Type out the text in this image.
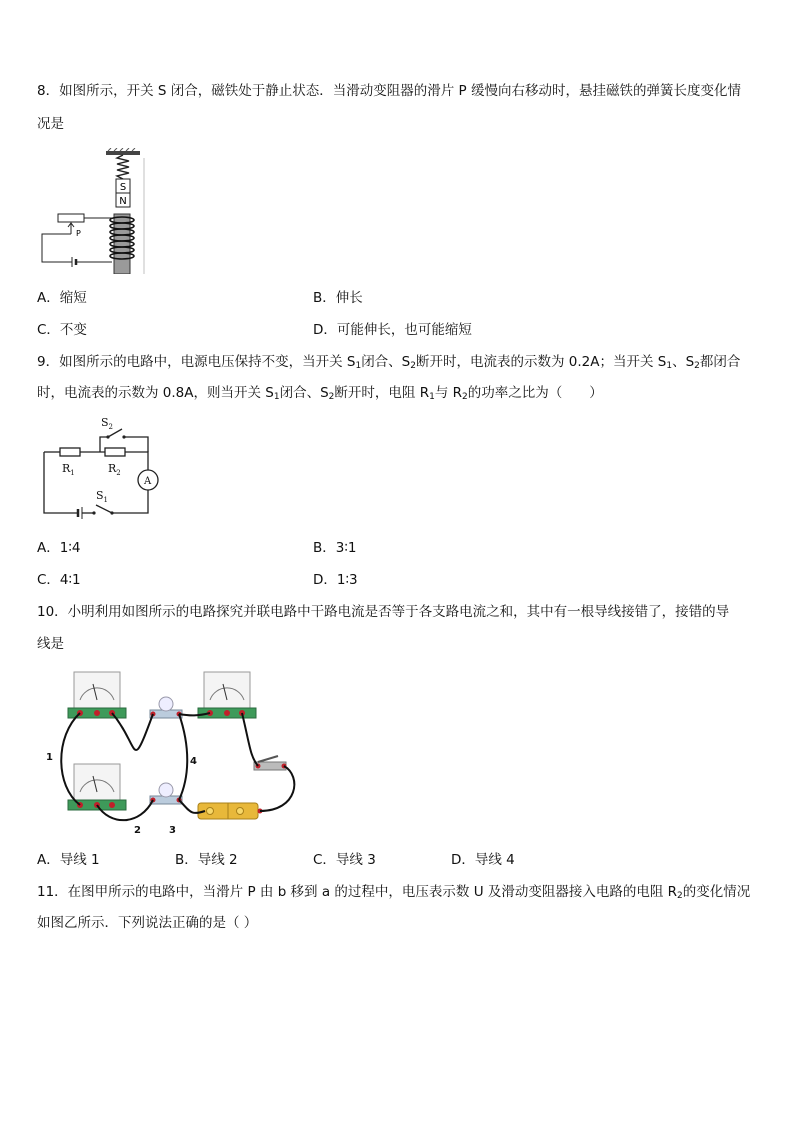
8．如图所示，开关 S 闭合，磁铁处于静止状态．当滑动变阻器的滑片 P 缓慢向右移动时，悬挂磁铁的弹簧长度变化情
况是
S
N
P
A．缩短	B．伸长
C．不变	D．可能伸长，也可能缩短
9．如图所示的电路中，电源电压保持不变，当开关 $S_1$闭合、$S_2$断开时，电流表的示数为 0.2A；当开关 $S_1$、$S_2$都闭合
时，电流表的示数为 0.8A，则当开关 $S_1$闭合、$S_2$断开时，电阻 $R_1$与 $R_2$的功率之比为（　　）
$S_2$
$R_1$	$R_2$
A
$S_1$
A．1∶4	B．3∶1
C．4∶1	D．1∶3
10．小明利用如图所示的电路探究并联电路中干路电流是否等于各支路电流之和，其中有一根导线接错了，接错的导
线是
1
2	3
4
A．导线 1	B．导线 2	C．导线 3	D．导线 4
11．在图甲所示的电路中，当滑片 P 由 b 移到 a 的过程中，电压表示数 U 及滑动变阻器接入电路的电阻 $R_2$的变化情况
如图乙所示．下列说法正确的是（ ）
